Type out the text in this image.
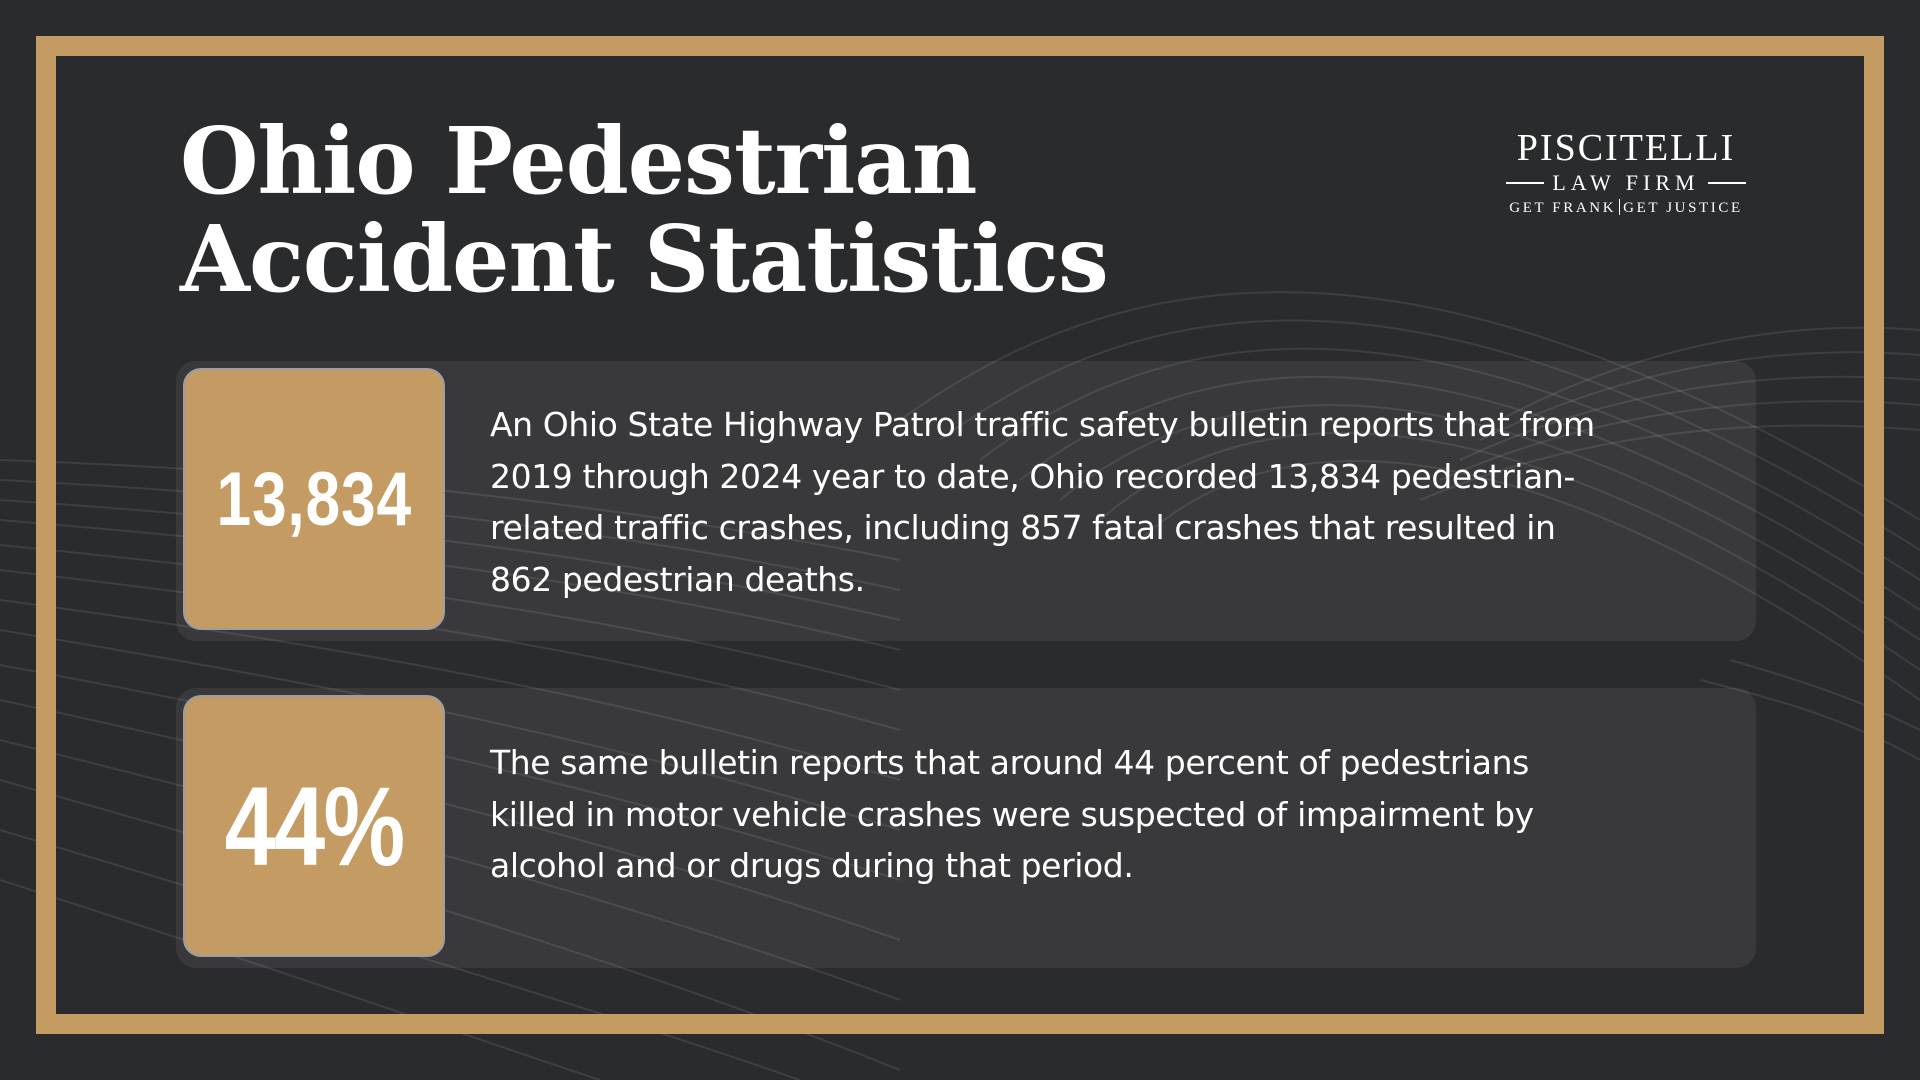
Ohio Pedestrian
Accident Statistics
PISCITELLI
LAW FIRM
GET FRANK GET JUSTICE
13,834
An Ohio State Highway Patrol traffic safety bulletin reports that from
2019 through 2024 year to date, Ohio recorded 13,834 pedestrian-
related traffic crashes, including 857 fatal crashes that resulted in
862 pedestrian deaths.
44%
The same bulletin reports that around 44 percent of pedestrians
killed in motor vehicle crashes were suspected of impairment by
alcohol and or drugs during that period.
